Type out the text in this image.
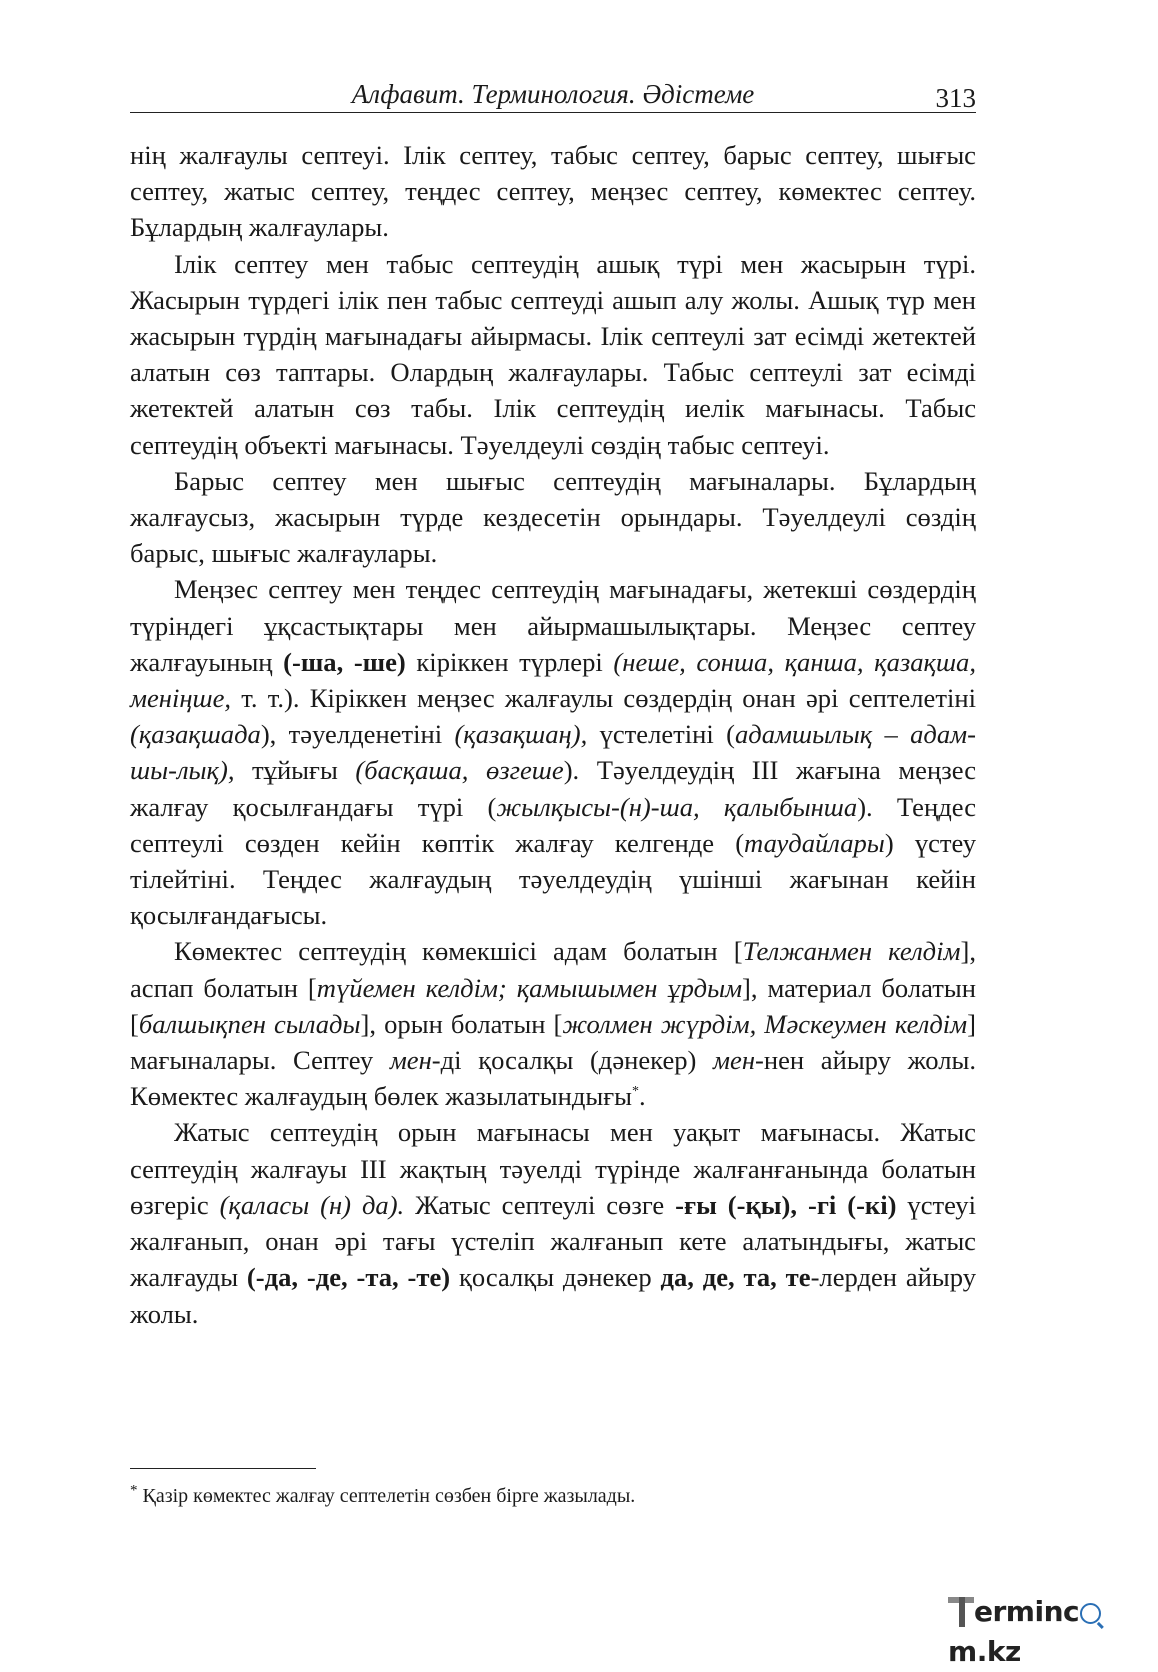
Алфавит. Терминология. Әдістеме	313

нің жалғаулы септеуі. Ілік септеу, табыс септеу, барыс септеу, шығыс септеу, жатыс септеу, теңдес септеу, меңзес септеу, көмектес септеу. Бұлардың жалғаулары.

Ілік септеу мен табыс септеудің ашық түрі мен жасырын түрі. Жасырын түрдегі ілік пен табыс септеуді ашып алу жолы. Ашық түр мен жасырын түрдің мағынадағы айырмасы. Ілік септеулі зат есімді жетектей алатын сөз таптары. Олардың жалғаулары. Табыс септеулі зат есімді жетектей алатын сөз табы. Ілік септеудің иелік мағынасы. Табыс септеудің объекті мағынасы. Тәуелдеулі сөздің табыс септеуі.

Барыс септеу мен шығыс септеудің мағыналары. Бұлардың жалғаусыз, жасырын түрде кездесетін орындары. Тәуелдеулі сөздің барыс, шығыс жалғаулары.

Меңзес септеу мен теңдес септеудің мағынадағы, жетекші сөздердің түріндегі ұқсастықтары мен айырмашылықтары. Меңзес септеу жалғауының (-ша, -ше) кіріккен түрлері (неше, сонша, қанша, қазақша, меніңше, т. т.). Кіріккен меңзес жалғаулы сөздердің онан әрі септелетіні (қазақшада), тәуелденетіні (қазақшаң), үстелетіні (адамшылық – адам-шы-лық), тұйығы (басқаша, өзгеше). Тәуелдеудің ІІІ жағына меңзес жалғау қосылғандағы түрі (жылқысы-(н)-ша, қалыбынша). Теңдес септеулі сөзден кейін көптік жалғау келгенде (таудайлары) үстеу тілейтіні. Теңдес жалғаудың тәуелдеудің үшінші жағынан кейін қосылғандағысы.

Көмектес септеудің көмекшісі адам болатын [Телжанмен келдім], аспап болатын [түйемен келдім; қамышымен ұрдым], материал болатын [балшықпен сылады], орын болатын [жолмен жүрдім, Мәскеумен келдім] мағыналары. Септеу мен-ді қосалқы (дәнекер) мен-нен айыру жолы. Көмектес жалғаудың бөлек жазылатындығы*.

Жатыс септеудің орын мағынасы мен уақыт мағынасы. Жатыс септеудің жалғауы ІІІ жақтың тәуелді түрінде жалғанғанында болатын өзгеріс (қаласы (н) да). Жатыс септеулі сөзге -ғы (-қы), -гі (-кі) үстеуі жалғанып, онан әрі тағы үстеліп жалғанып кете алатындығы, жатыс жалғауды (-да, -де, -та, -те) қосалқы дәнекер да, де, та, те-лерден айыру жолы.

* Қазір көмектес жалғау септелетін сөзбен бірге жазылады.
ermincm.kz
